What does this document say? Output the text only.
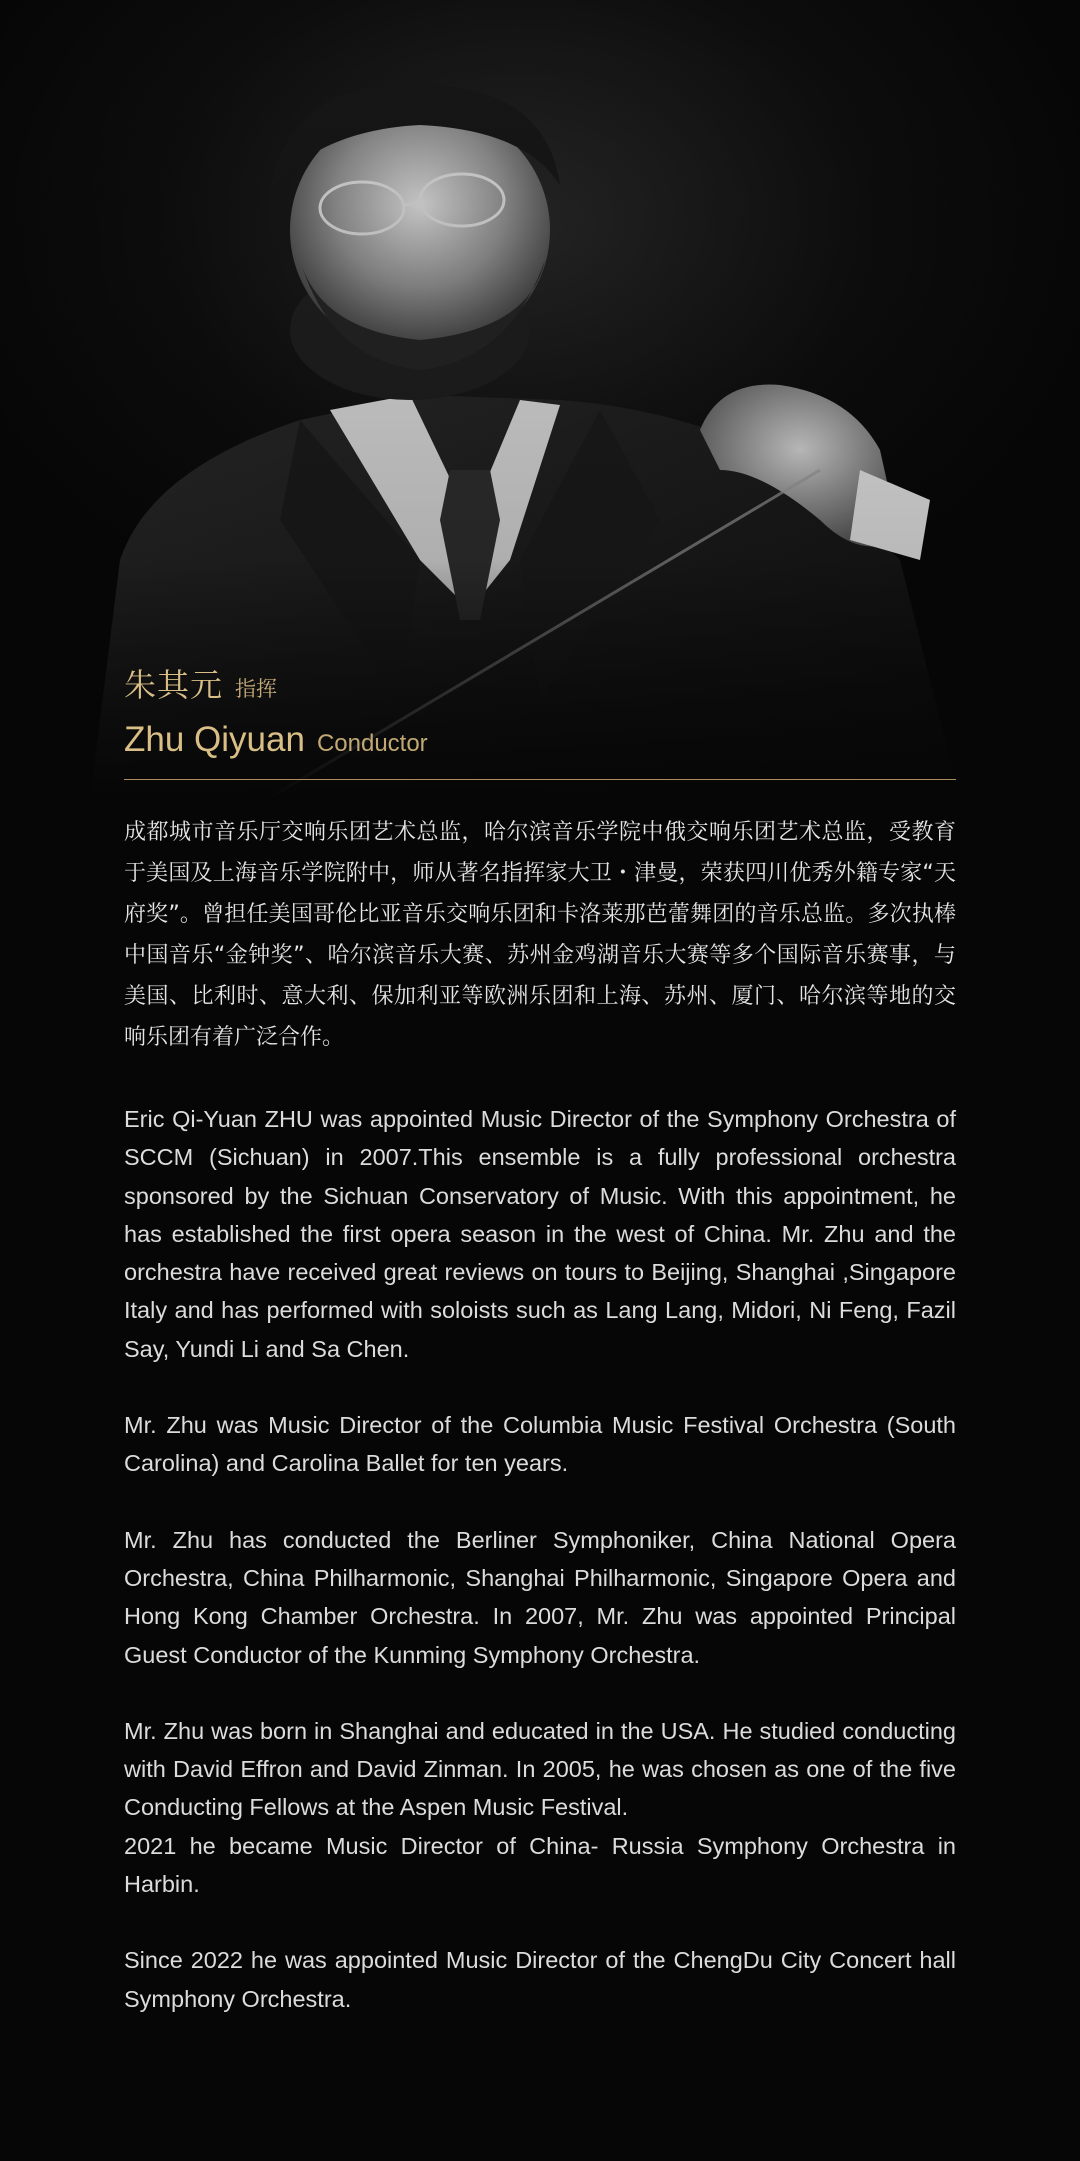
朱其元 指挥
Zhu Qiyuan Conductor

成都城市音乐厅交响乐团艺术总监，哈尔滨音乐学院中俄交响乐团艺术总监，受教育于美国及上海音乐学院附中，师从著名指挥家大卫・津曼，荣获四川优秀外籍专家“天府奖”。曾担任美国哥伦比亚音乐交响乐团和卡洛莱那芭蕾舞团的音乐总监。多次执棒中国音乐“金钟奖”、哈尔滨音乐大赛、苏州金鸡湖音乐大赛等多个国际音乐赛事，与美国、比利时、意大利、保加利亚等欧洲乐团和上海、苏州、厦门、哈尔滨等地的交响乐团有着广泛合作。

Eric Qi-Yuan ZHU was appointed Music Director of the Symphony Orchestra of SCCM (Sichuan) in 2007.This ensemble is a fully professional orchestra sponsored by the Sichuan Conservatory of Music. With this appointment, he has established the first opera season in the west of China. Mr. Zhu and the orchestra have received great reviews on tours to Beijing, Shanghai ,Singapore Italy and has performed with soloists such as Lang Lang, Midori, Ni Feng, Fazil Say, Yundi Li and Sa Chen.

Mr. Zhu was Music Director of the Columbia Music Festival Orchestra (South Carolina) and Carolina Ballet for ten years.

Mr. Zhu has conducted the Berliner Symphoniker, China National Opera Orchestra, China Philharmonic, Shanghai Philharmonic, Singapore Opera and Hong Kong Chamber Orchestra. In 2007, Mr. Zhu was appointed Principal Guest Conductor of the Kunming Symphony Orchestra.

Mr. Zhu was born in Shanghai and educated in the USA. He studied conducting with David Effron and David Zinman. In 2005, he was chosen as one of the five Conducting Fellows at the Aspen Music Festival.

2021 he became Music Director of China- Russia Symphony Orchestra in Harbin.

Since 2022 he was appointed Music Director of the ChengDu City Concert hall Symphony Orchestra.
